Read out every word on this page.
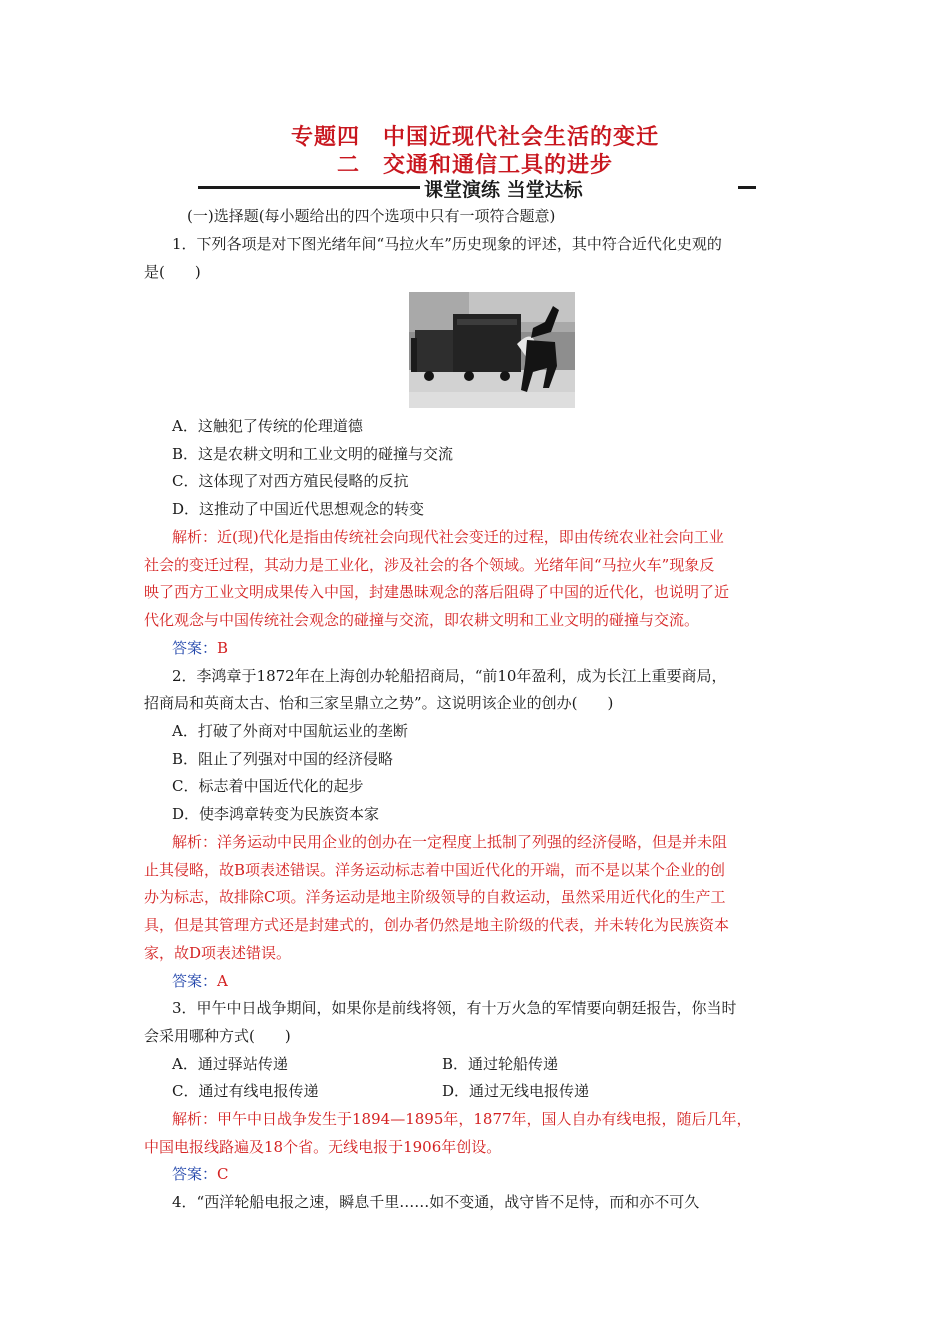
专题四　中国近现代社会生活的变迁
二　交通和通信工具的进步
课堂演练 当堂达标
(一)选择题(每小题给出的四个选项中只有一项符合题意)
1．下列各项是对下图光绪年间“马拉火车”历史现象的评述，其中符合近代化史观的
是(　　)
A．这触犯了传统的伦理道德
B．这是农耕文明和工业文明的碰撞与交流
C．这体现了对西方殖民侵略的反抗
D．这推动了中国近代思想观念的转变
解析：近(现)代化是指由传统社会向现代社会变迁的过程，即由传统农业社会向工业
社会的变迁过程，其动力是工业化，涉及社会的各个领域。光绪年间“马拉火车”现象反
映了西方工业文明成果传入中国，封建愚昧观念的落后阻碍了中国的近代化，也说明了近
代化观念与中国传统社会观念的碰撞与交流，即农耕文明和工业文明的碰撞与交流。
答案：B
2．李鸿章于1872年在上海创办轮船招商局，“前10年盈利，成为长江上重要商局，
招商局和英商太古、怡和三家呈鼎立之势”。这说明该企业的创办(　　)
A．打破了外商对中国航运业的垄断
B．阻止了列强对中国的经济侵略
C．标志着中国近代化的起步
D．使李鸿章转变为民族资本家
解析：洋务运动中民用企业的创办在一定程度上抵制了列强的经济侵略，但是并未阻
止其侵略，故B项表述错误。洋务运动标志着中国近代化的开端，而不是以某个企业的创
办为标志，故排除C项。洋务运动是地主阶级领导的自救运动，虽然采用近代化的生产工
具，但是其管理方式还是封建式的，创办者仍然是地主阶级的代表，并未转化为民族资本
家，故D项表述错误。
答案：A
3．甲午中日战争期间，如果你是前线将领，有十万火急的军情要向朝廷报告，你当时
会采用哪种方式(　　)
A．通过驿站传递	B．通过轮船传递
C．通过有线电报传递	D．通过无线电报传递
解析：甲午中日战争发生于1894—1895年，1877年，国人自办有线电报，随后几年，
中国电报线路遍及18个省。无线电报于1906年创设。
答案：C
4．“西洋轮船电报之速，瞬息千里……如不变通，战守皆不足恃，而和亦不可久
